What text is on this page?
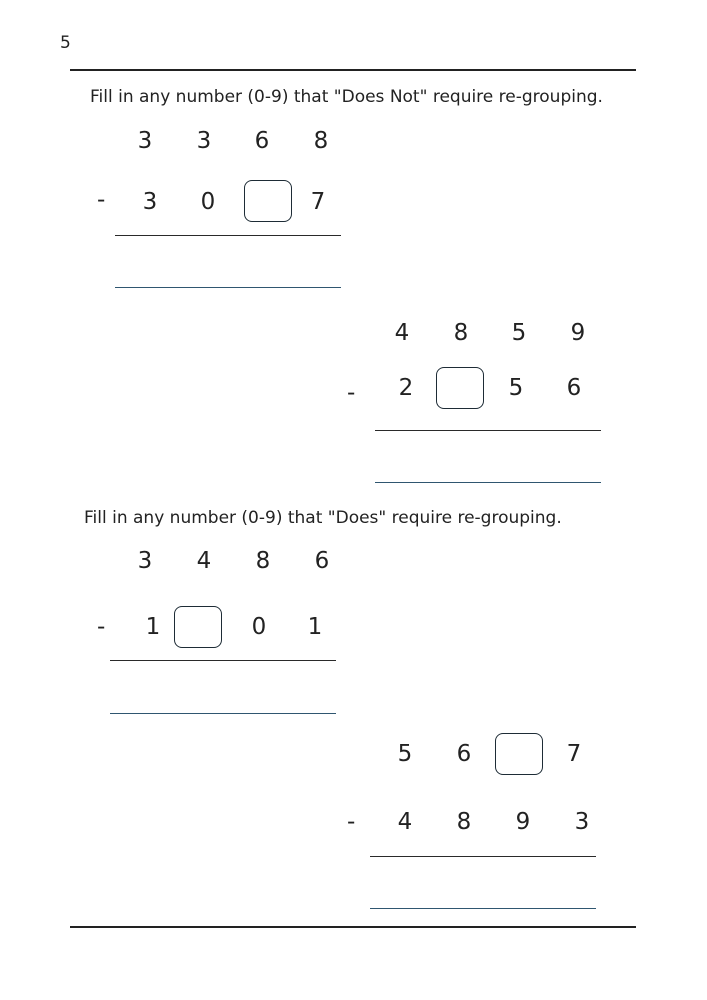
5
Fill in any number (0-9) that "Does Not" require re-grouping.
3 3 6 8
- 3 0	7
4 8 5 9
- 2	5 6
Fill in any number (0-9) that "Does" require re-grouping.
3 4 8 6
- 1	0 1
5 6	7
- 4 8 9 3
